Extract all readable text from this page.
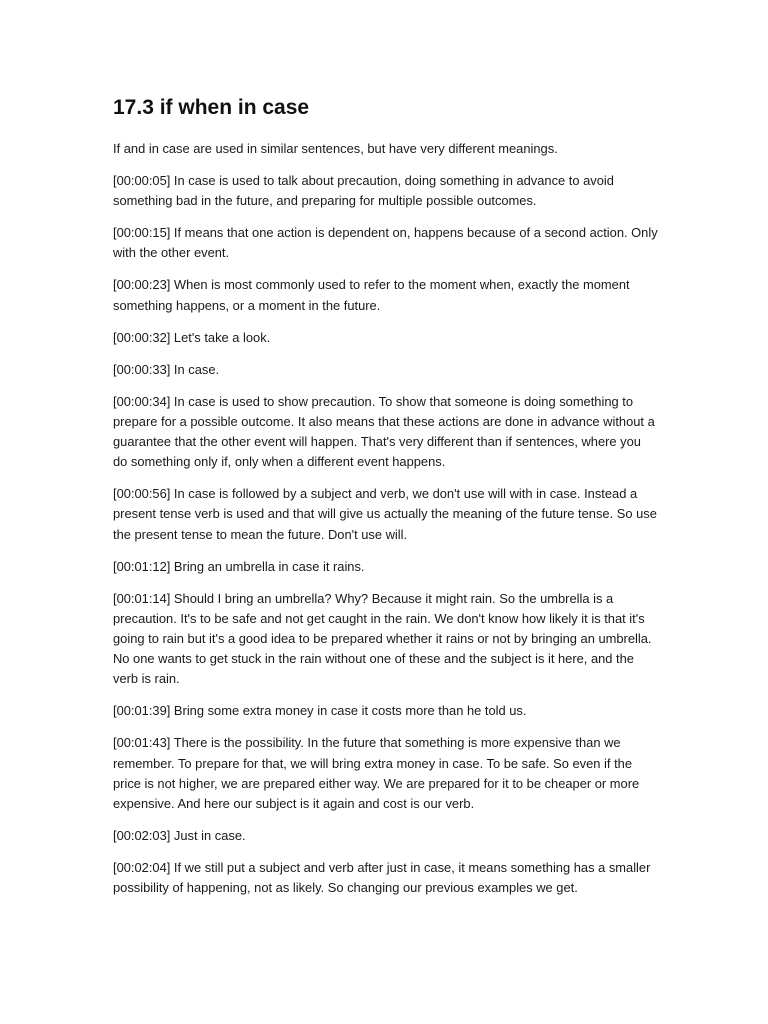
17.3 if when in case

If and in case are used in similar sentences, but have very different meanings.

[00:00:05] In case is used to talk about precaution, doing something in advance to avoid something bad in the future, and preparing for multiple possible outcomes.

[00:00:15] If means that one action is dependent on, happens because of a second action. Only with the other event.

[00:00:23] When is most commonly used to refer to the moment when, exactly the moment something happens, or a moment in the future.

[00:00:32] Let's take a look.

[00:00:33] In case.

[00:00:34] In case is used to show precaution. To show that someone is doing something to prepare for a possible outcome. It also means that these actions are done in advance without a guarantee that the other event will happen. That's very different than if sentences, where you do something only if, only when a different event happens.

[00:00:56] In case is followed by a subject and verb, we don't use will with in case. Instead a present tense verb is used and that will give us actually the meaning of the future tense. So use the present tense to mean the future. Don't use will.

[00:01:12] Bring an umbrella in case it rains.

[00:01:14] Should I bring an umbrella? Why? Because it might rain. So the umbrella is a precaution. It's to be safe and not get caught in the rain. We don't know how likely it is that it's going to rain but it's a good idea to be prepared whether it rains or not by bringing an umbrella. No one wants to get stuck in the rain without one of these and the subject is it here, and the verb is rain.

[00:01:39] Bring some extra money in case it costs more than he told us.

[00:01:43] There is the possibility. In the future that something is more expensive than we remember. To prepare for that, we will bring extra money in case. To be safe. So even if the price is not higher, we are prepared either way. We are prepared for it to be cheaper or more expensive. And here our subject is it again and cost is our verb.

[00:02:03] Just in case.

[00:02:04] If we still put a subject and verb after just in case, it means something has a smaller possibility of happening, not as likely. So changing our previous examples we get.
